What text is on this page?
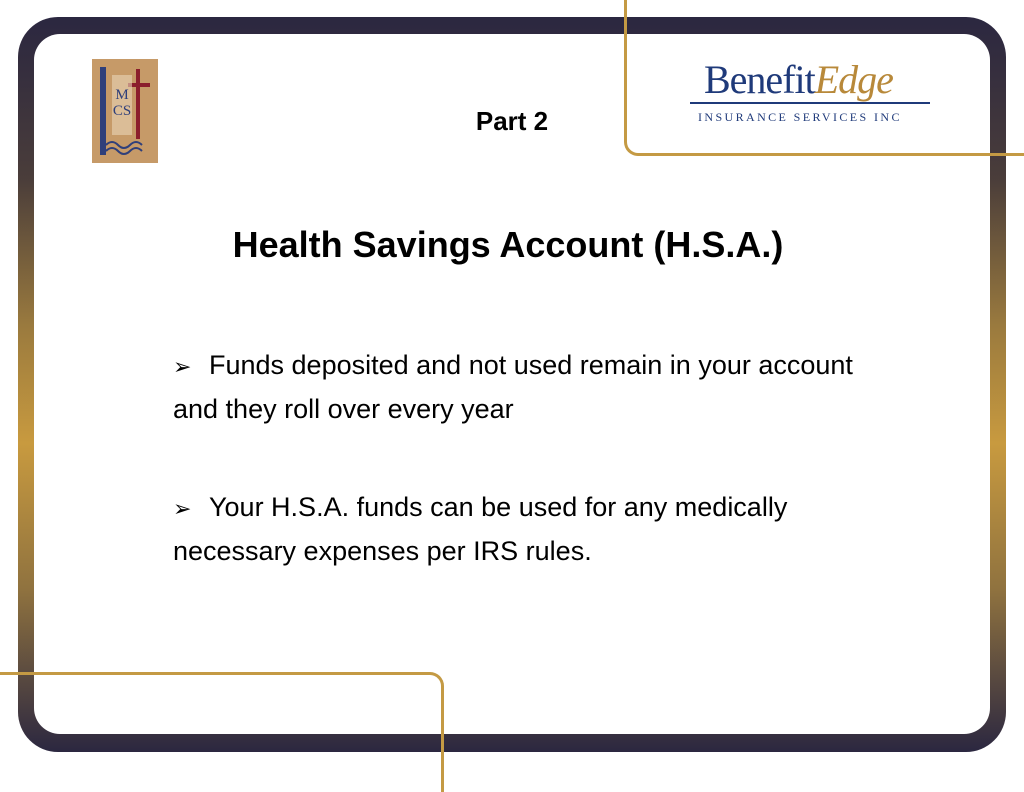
MCS
BenefitEdge
INSURANCE SERVICES INC
Part 2
Health Savings Account (H.S.A.)
➢ Funds deposited and not used remain in your account and they roll over every year
➢ Your H.S.A. funds can be used for any medically necessary expenses per IRS rules.
